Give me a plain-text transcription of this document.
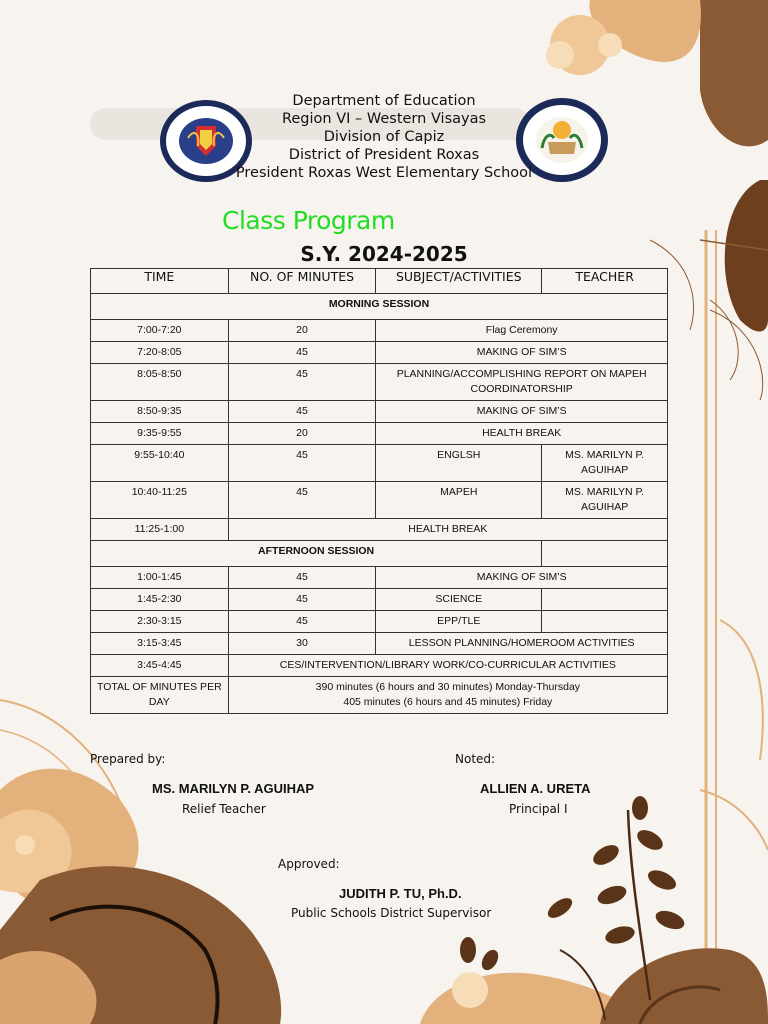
Department of Education
Region VI – Western Visayas
Division of Capiz
District of President Roxas
President Roxas West Elementary School
Class Program
S.Y. 2024-2025
TIME	NO. OF MINUTES	SUBJECT/ACTIVITIES	TEACHER
MORNING SESSION			
7:00-7:20	20	Flag Ceremony	
7:20-8:05	45	MAKING OF SIM’S	
8:05-8:50	45	PLANNING/ACCOMPLISHING REPORT ON MAPEH COORDINATORSHIP	
8:50-9:35	45	MAKING OF SIM’S	
9:35-9:55	20	HEALTH BREAK	
9:55-10:40	45	ENGLSH	MS. MARILYN P. AGUIHAP
10:40-11:25	45	MAPEH	MS. MARILYN P. AGUIHAP
11:25-1:00	HEALTH BREAK		
AFTERNOON SESSION			
1:00-1:45	45	MAKING OF SIM’S	
1:45-2:30	45	SCIENCE	
2:30-3:15	45	EPP/TLE	
3:15-3:45	30	LESSON PLANNING/HOMEROOM ACTIVITIES	
3:45-4:45	CES/INTERVENTION/LIBRARY WORK/CO-CURRICULAR ACTIVITIES		
TOTAL OF MINUTES PER DAY	390 minutes (6 hours and 30 minutes) Monday-Thursday
405 minutes (6 hours and 45 minutes) Friday		
Prepared by:	Noted:
MS. MARILYN P. AGUIHAP
Relief Teacher
ALLIEN A. URETA
Principal I
Approved:
JUDITH P. TU, Ph.D.
Public Schools District Supervisor
